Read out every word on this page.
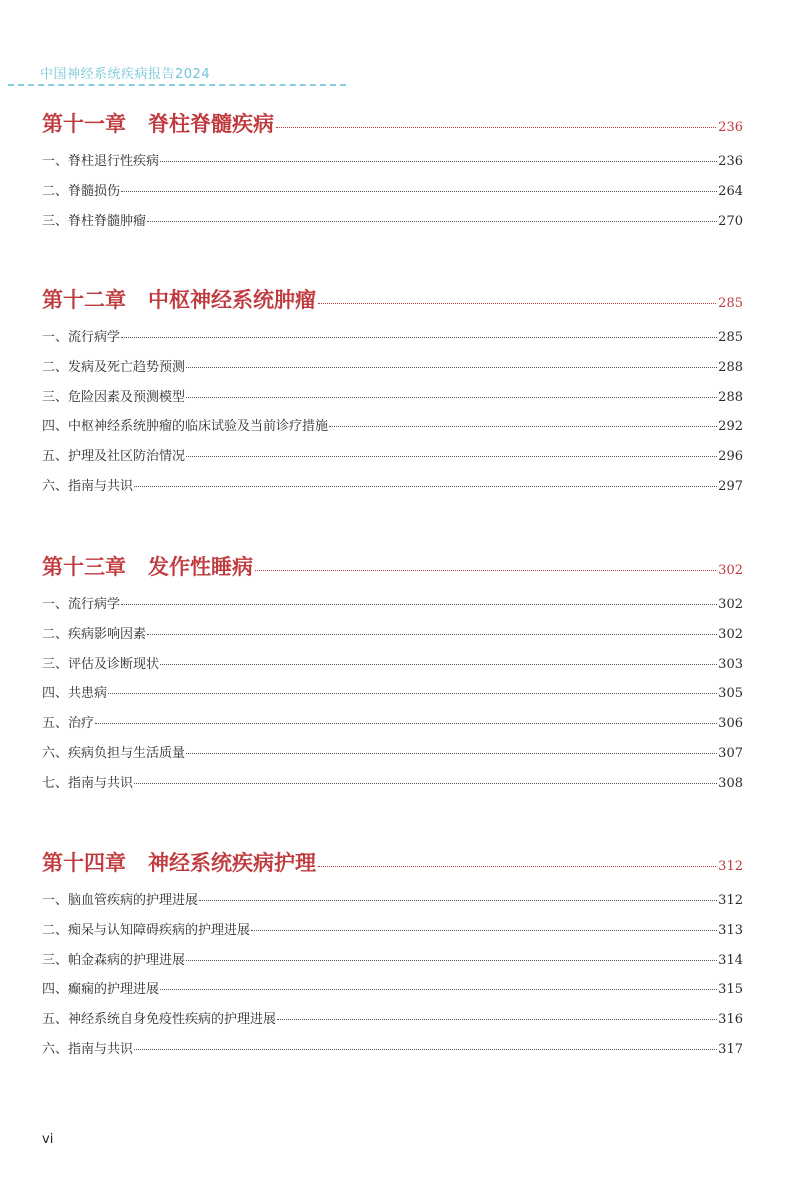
中国神经系统疾病报告2024
第十一章 脊柱脊髓疾病	236
一、脊柱退行性疾病	236
二、脊髓损伤	264
三、脊柱脊髓肿瘤	270
第十二章 中枢神经系统肿瘤	285
一、流行病学	285
二、发病及死亡趋势预测	288
三、危险因素及预测模型	288
四、中枢神经系统肿瘤的临床试验及当前诊疗措施	292
五、护理及社区防治情况	296
六、指南与共识	297
第十三章 发作性睡病	302
一、流行病学	302
二、疾病影响因素	302
三、评估及诊断现状	303
四、共患病	305
五、治疗	306
六、疾病负担与生活质量	307
七、指南与共识	308
第十四章 神经系统疾病护理	312
一、脑血管疾病的护理进展	312
二、痴呆与认知障碍疾病的护理进展	313
三、帕金森病的护理进展	314
四、癫痫的护理进展	315
五、神经系统自身免疫性疾病的护理进展	316
六、指南与共识	317
vi
